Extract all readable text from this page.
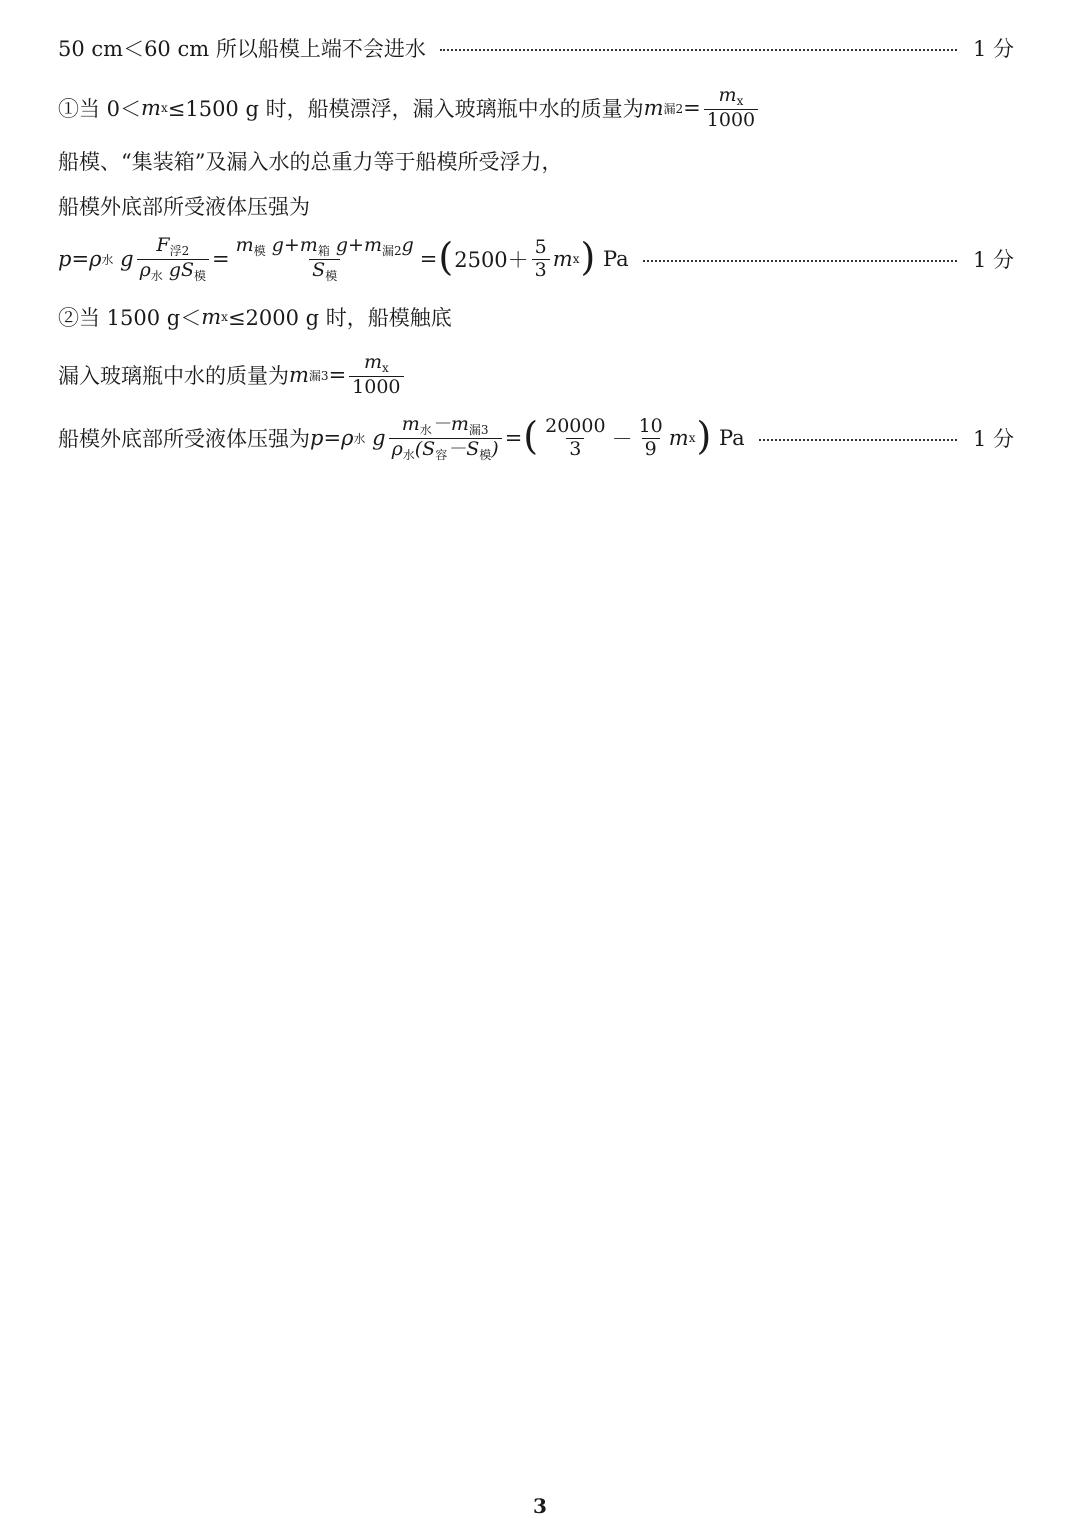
50 cm＜60 cm 所以船模上端不会进水	1 分
①当 0＜ m x ≤1500 g 时，船模漂浮，漏入玻璃瓶中水的质量为 m 漏$2 = \frac{m_x}{1000}$
船模、“集装箱”及漏入水的总重力等于船模所受浮力，
船模外底部所受液体压强为
p = ρ 水
g $\frac{F_{浮2}}{\rho_水 gS_模} = \frac{m_模 g+m_箱 g+m_{漏2}g}{S_模}$ = ( $2500+ \frac{5}{3}$ m x )
Pa	1 分
②当 1500 g＜ m x ≤2000 g 时，船模触底
漏入玻璃瓶中水的质量为 m 漏$3 = \frac{m_x}{1000}$
船模外底部所受液体压强为 p = ρ 水
g $\frac{m_水-m_{漏3}}{\rho_水(S_容-S_模)}$ = ( $\frac{20000}{3} - \frac{10}{9}$ m x )
Pa	1 分
3
